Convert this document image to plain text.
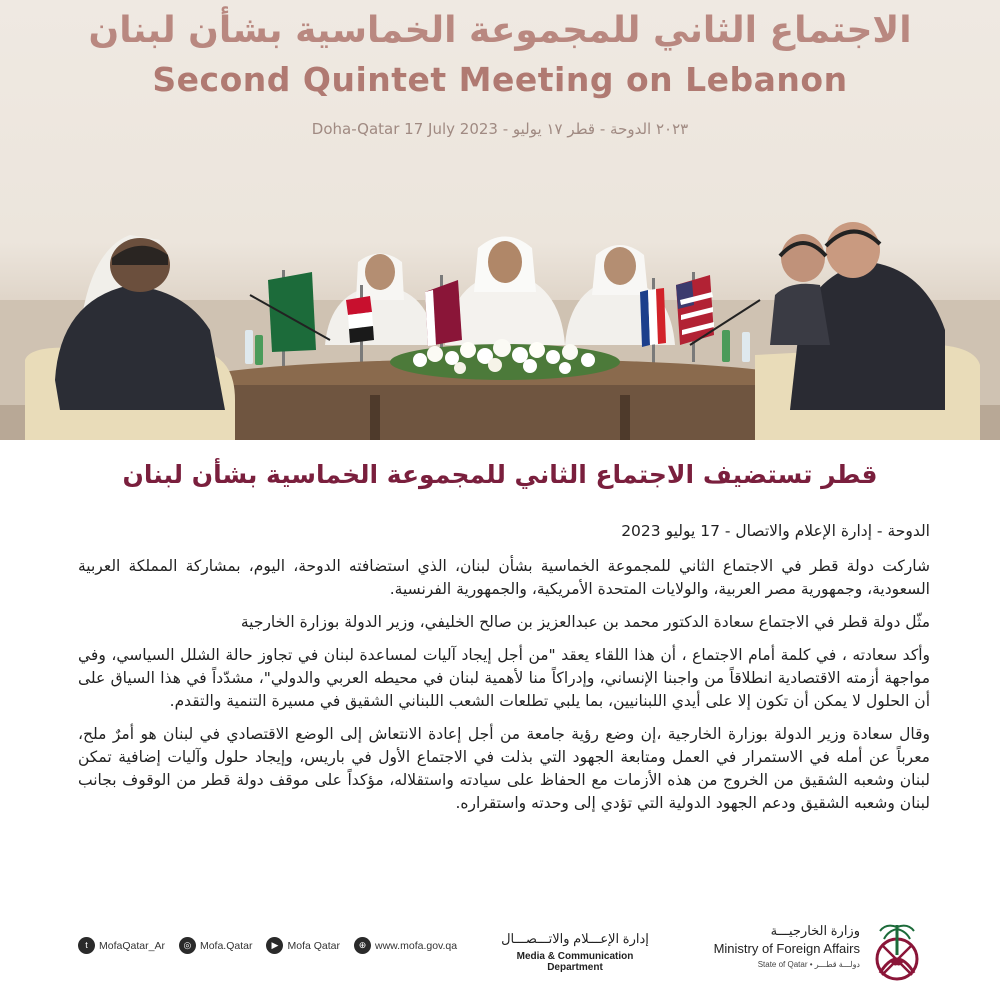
الاجتماع الثاني للمجموعة الخماسية بشأن لبنان
Second Quintet Meeting on Lebanon
Doha-Qatar 17 July 2023 - ٢٠٢٣ الدوحة - قطر ١٧ يوليو
قطر تستضيف الاجتماع الثاني للمجموعة الخماسية بشأن لبنان

الدوحة - إدارة الإعلام والاتصال - 17 يوليو 2023

شاركت دولة قطر في الاجتماع الثاني للمجموعة الخماسية بشأن لبنان، الذي استضافته الدوحة، اليوم، بمشاركة المملكة العربية السعودية، وجمهورية مصر العربية، والولايات المتحدة الأمريكية، والجمهورية الفرنسية.

مثّل دولة قطر في الاجتماع سعادة الدكتور محمد بن عبدالعزيز بن صالح الخليفي، وزير الدولة بوزارة الخارجية

وأكد سعادته ، في كلمة أمام الاجتماع ، أن هذا اللقاء يعقد "من أجل إيجاد آليات لمساعدة لبنان في تجاوز حالة الشلل السياسي، وفي مواجهة أزمته الاقتصادية انطلاقاً من واجبنا الإنساني، وإدراكاً منا لأهمية لبنان في محيطه العربي والدولي"، مشدّداً في هذا السياق على أن الحلول لا يمكن أن تكون إلا على أيدي اللبنانيين، بما يلبي تطلعات الشعب اللبناني الشقيق في مسيرة التنمية والتقدم.

وقال سعادة وزير الدولة بوزارة الخارجية ،إن وضع رؤية جامعة من أجل إعادة الانتعاش إلى الوضع الاقتصادي في لبنان هو أمرٌ ملح، معرباً عن أمله في الاستمرار في العمل ومتابعة الجهود التي بذلت في الاجتماع الأول في باريس، وإيجاد حلول وآليات إضافية تمكن لبنان وشعبه الشقيق من الخروج من هذه الأزمات مع الحفاظ على سيادته واستقلاله، مؤكداً على موقف دولة قطر من الوقوف بجانب لبنان وشعبه الشقيق ودعم الجهود الدولية التي تؤدي إلى وحدته واستقراره.

t	MofaQatar_Ar	◎ Mofa.Qatar	▶ Mofa Qatar	⊕ www.mofa.gov.qa	إدارة الإعـــلام والاتـــصـــال
Media & Communication Department
وزارة الخارجيـــة
Ministry of Foreign Affairs
State of Qatar • دولـــة قطـــر
